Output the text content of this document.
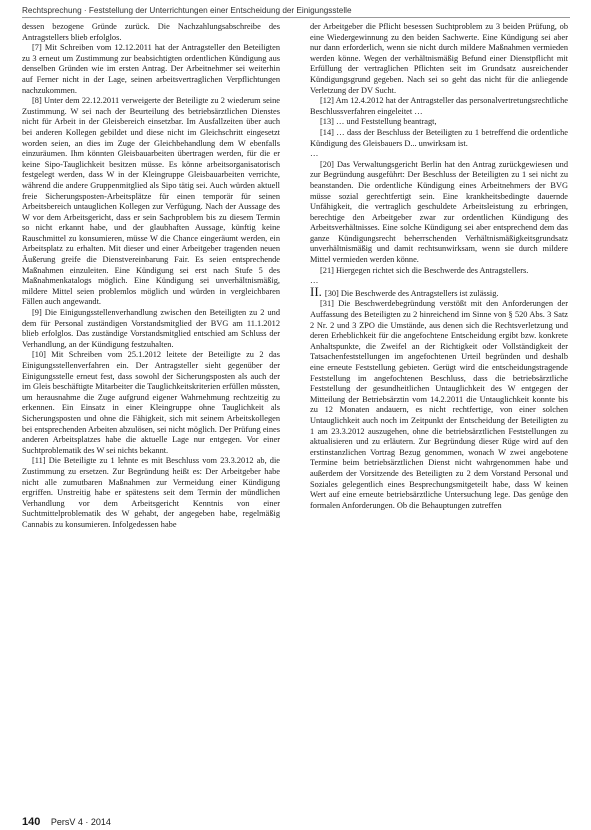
Rechtsprechung · Feststellung der Unterrichtungen einer Entscheidung der Einigungsstelle

dessen bezogene Gründe zurück. Die Nachzahlungsabschreibe des Antragstellers blieb erfolglos.

[7] Mit Schreiben vom 12.12.2011 hat der Antragsteller den Beteiligten zu 3 erneut um Zustimmung zur beabsichtigten ordentlichen Kündigung aus denselben Gründen wie im ersten Antrag. Der Arbeitnehmer sei weiterhin auf Ferner nicht in der Lage, seinen arbeitsvertraglichen Verpflichtungen nachzukommen.

[8] Unter dem 22.12.2011 verweigerte der Beteiligte zu 2 wiederum seine Zustimmung. W sei nach der Beurteilung des betriebsärztlichen Dienstes nicht für Arbeit in der Gleisbereich einsetzbar. Im Ausfallzeiten über auch bei anderen Kollegen gebildet und diese nicht im Gleichschritt eingesetzt worden seien, an dies im Zuge der Gleichbehandlung dem W ebenfalls einzuräumen. Ihm könnten Gleisbauarbeiten übertragen werden, für die er keine Sipo-Tauglichkeit besitzen müsse. Es könne arbeitsorganisatorisch festgelegt werden, dass W in der Kleingruppe Gleisbauarbeiten verrichte, während die andere Gruppenmitglied als Sipo tätig sei. Auch würden aktuell freie Sicherungsposten-Arbeitsplätze für einen temporär für seinen Arbeitsbereich untauglichen Kollegen zur Verfügung. Nach der Aussage des W vor dem Arbeitsgericht, dass er sein Sachproblem bis zu diesem Termin so nicht erkannt habe, und der glaubhaften Aussage, künftig keine Rauschmittel zu konsumieren, müsse W die Chance eingeräumt werden, ein Arbeitsplatz zu erhalten. Mit dieser und einer Arbeitgeber tragenden neuen Äußerung greife die Dienstvereinbarung Fair. Es seien entsprechende Maßnahmen einzuleiten. Eine Kündigung sei erst nach Stufe 5 des Maßnahmenkatalogs möglich. Eine Kündigung sei unverhältnismäßig, mildere Mittel seien problemlos möglich und würden in vergleichbaren Fällen auch angewandt.

[9] Die Einigungsstellenverhandlung zwischen den Beteiligten zu 2 und dem für Personal zuständigen Vorstandsmitglied der BVG am 11.1.2012 blieb erfolglos. Das zuständige Vorstandsmitglied entschied am Schluss der Verhandlung, an der Kündigung festzuhalten.

[10] Mit Schreiben vom 25.1.2012 leitete der Beteiligte zu 2 das Einigungsstellenverfahren ein. Der Antragsteller sieht gegenüber der Einigungsstelle erneut fest, dass sowohl der Sicherungsposten als auch der im Gleis beschäftigte Mitarbeiter die Tauglichkeitskriterien erfüllen müssten, um herausnahme die Zuge aufgrund eigener Wahrnehmung rechtzeitig zu erkennen. Ein Einsatz in einer Kleingruppe ohne Tauglichkeit als Sicherungsposten und ohne die Fähigkeit, sich mit seinem Arbeitskollegen bei entsprechenden Arbeiten abzulösen, sei nicht möglich. Der Prüfung eines anderen Arbeitsplatzes habe die aktuelle Lage nur entgegen. Vor einer Suchtproblematik des W sei nichts bekannt.

[11] Die Beteiligte zu 1 lehnte es mit Beschluss vom 23.3.2012 ab, die Zustimmung zu ersetzen. Zur Begründung heißt es: Der Arbeitgeber habe nicht alle zumutbaren Maßnahmen zur Vermeidung einer Kündigung ergriffen. Unstreitig habe er spätestens seit dem Termin der mündlichen Verhandlung vor dem Arbeitsgericht Kenntnis von einer Suchtmittelproblematik des W gehabt, der angegeben habe, regelmäßig Cannabis zu konsumieren. Infolgedessen habe

der Arbeitgeber die Pflicht besessen Suchtproblem zu 3 beiden Prüfung, ob eine Wiedergewinnung zu den beiden Sachwerte. Eine Kündigung sei aber nur dann erforderlich, wenn sie nicht durch mildere Maßnahmen vermieden werden könne. Wegen der verhältnismäßig Befund einer Dienstpflicht mit Erfüllung der vertraglichen Pflichten seit im Grundsatz ausreichender Kündigungsgrund gegeben. Nach sei so geht das nicht für die anliegende Verletzung der DV Sucht.

[12] Am 12.4.2012 hat der Antragsteller das personalvertretungsrechtliche Beschlussverfahren eingeleitet …

[13] … und Feststellung beantragt,

[14] … dass der Beschluss der Beteiligten zu 1 betreffend die ordentliche Kündigung des Gleisbauers D... unwirksam ist.

…

[20] Das Verwaltungsgericht Berlin hat den Antrag zurückgewiesen und zur Begründung ausgeführt: Der Beschluss der Beteiligten zu 1 sei nicht zu beanstanden. Die ordentliche Kündigung eines Arbeitnehmers der BVG müsse sozial gerechtfertigt sein. Eine krankheitsbedingte dauernde Unfähigkeit, die vertraglich geschuldete Arbeitsleistung zu erbringen, berechtige den Arbeitgeber zwar zur ordentlichen Kündigung des Arbeitsverhältnisses. Eine solche Kündigung sei aber entsprechend dem das ganze Kündigungsrecht beherrschenden Verhältnismäßigkeitsgrundsatz unverhältnismäßig und damit rechtsunwirksam, wenn sie durch mildere Mittel vermieden werden könne.

[21] Hiergegen richtet sich die Beschwerde des Antragstellers.

…

II. [30] Die Beschwerde des Antragstellers ist zulässig.

[31] Die Beschwerdebegründung verstößt mit den Anforderungen der Auffassung des Beteiligten zu 2 hinreichend im Sinne von § 520 Abs. 3 Satz 2 Nr. 2 und 3 ZPO die Umstände, aus denen sich die Rechtsverletzung und deren Erheblichkeit für die angefochtene Entscheidung ergibt bzw. konkrete Anhaltspunkte, die Zweifel an der Richtigkeit oder Vollständigkeit der Tatsachenfeststellungen im angefochtenen Urteil begründen und deshalb eine erneute Feststellung gebieten. Gerügt wird die entscheidungstragende Feststellung im angefochtenen Beschluss, dass die betriebsärztliche Feststellung der gesundheitlichen Untauglichkeit des W entgegen der Mitteilung der Betriebsärztin vom 14.2.2011 die Untauglichkeit konnte bis zu 12 Monaten andauern, es nicht rechtfertige, von einer solchen Untauglichkeit auch noch im Zeitpunkt der Entscheidung der Beteiligten zu 1 am 23.3.2012 auszugehen, ohne die betriebsärztlichen Feststellungen zu aktualisieren und zu erläutern. Zur Begründung dieser Rüge wird auf den erstinstanzlichen Vortrag Bezug genommen, wonach W zwei angebotene Termine beim betriebsärztlichen Dienst nicht wahrgenommen habe und außerdem der Vorsitzende des Beteiligten zu 2 dem Vorstand Personal und Soziales gelegentlich eines Besprechungsmitgeteilt habe, dass W keinen Wert auf eine erneute betriebsärztliche Untersuchung lege. Das genüge den formalen Anforderungen. Ob die Behauptungen zutreffen

140 PersV 4 · 2014
